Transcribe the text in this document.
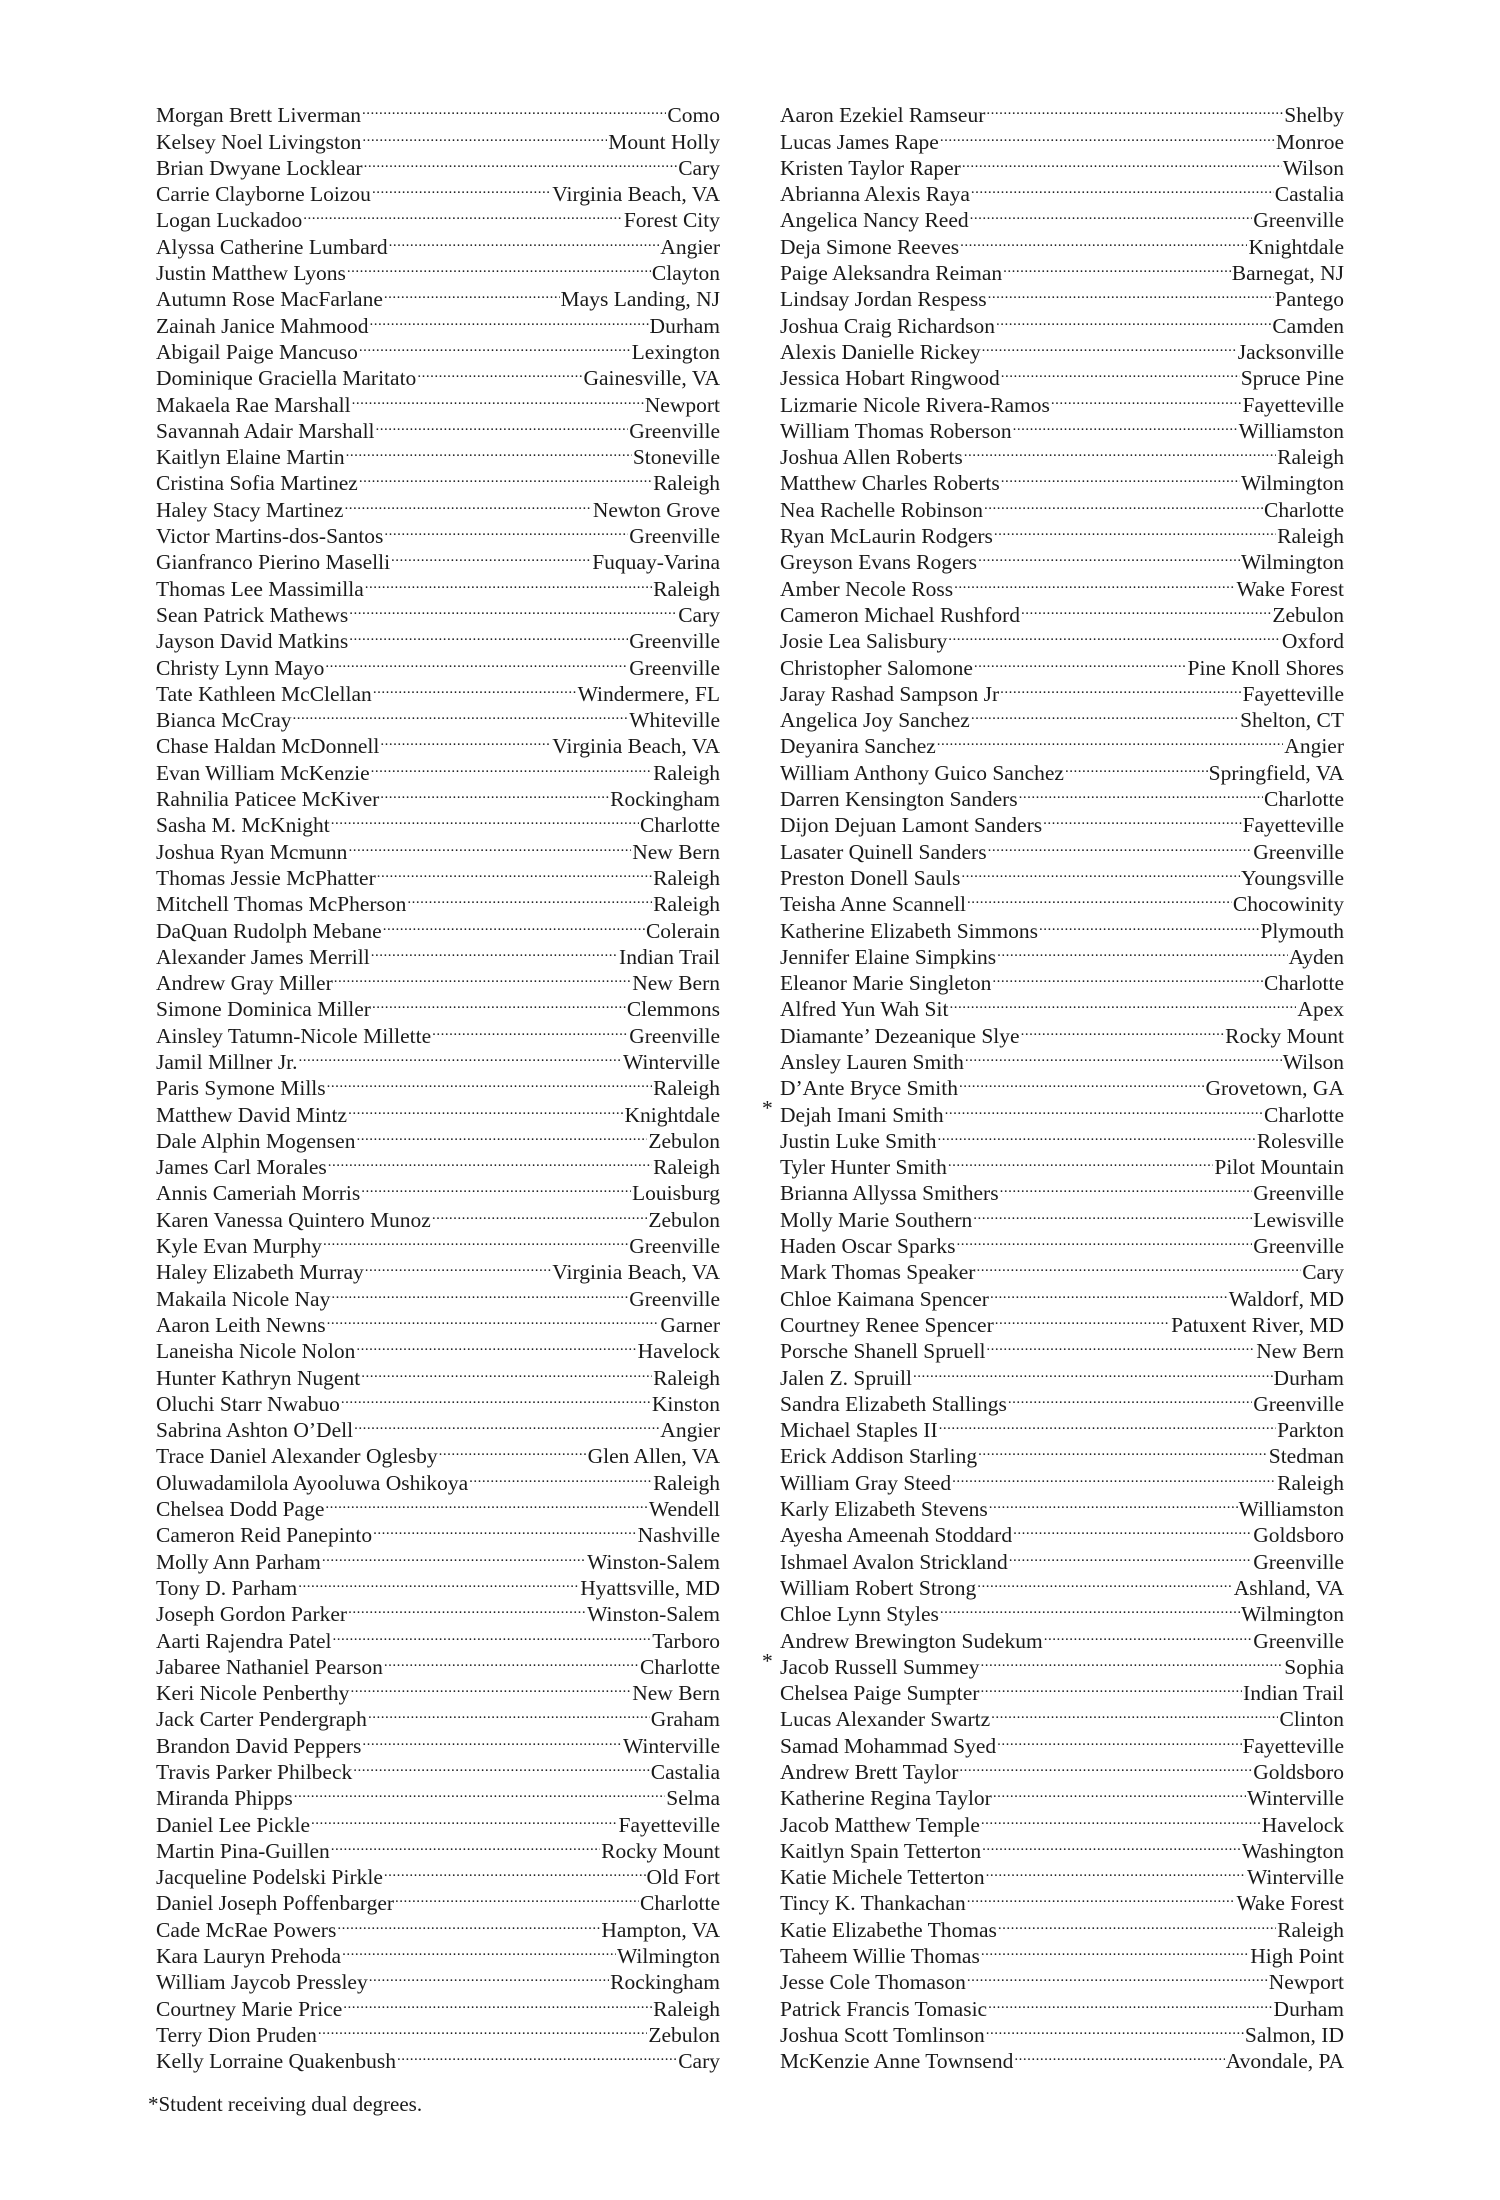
Morgan Brett Liverman .....	Como
Kelsey Noel Livingston .....	Mount Holly
Brian Dwyane Locklear .....	Cary
Carrie Clayborne Loizou .....	Virginia Beach, VA
Logan Luckadoo .....	Forest City
Alyssa Catherine Lumbard .....	Angier
Justin Matthew Lyons .....	Clayton
Autumn Rose MacFarlane .....	Mays Landing, NJ
Zainah Janice Mahmood .....	Durham
Abigail Paige Mancuso .....	Lexington
Dominique Graciella Maritato .....	Gainesville, VA
Makaela Rae Marshall .....	Newport
Savannah Adair Marshall .....	Greenville
Kaitlyn Elaine Martin .....	Stoneville
Cristina Sofia Martinez .....	Raleigh
Haley Stacy Martinez .....	Newton Grove
Victor Martins-dos-Santos .....	Greenville
Gianfranco Pierino Maselli .....	Fuquay-Varina
Thomas Lee Massimilla .....	Raleigh
Sean Patrick Mathews .....	Cary
Jayson David Matkins .....	Greenville
Christy Lynn Mayo .....	Greenville
Tate Kathleen McClellan .....	Windermere, FL
Bianca McCray .....	Whiteville
Chase Haldan McDonnell .....	Virginia Beach, VA
Evan William McKenzie .....	Raleigh
Rahnilia Paticee McKiver .....	Rockingham
Sasha M. McKnight .....	Charlotte
Joshua Ryan Mcmunn .....	New Bern
Thomas Jessie McPhatter .....	Raleigh
Mitchell Thomas McPherson .....	Raleigh
DaQuan Rudolph Mebane .....	Colerain
Alexander James Merrill .....	Indian Trail
Andrew Gray Miller .....	New Bern
Simone Dominica Miller .....	Clemmons
Ainsley Tatumn-Nicole Millette .....	Greenville
Jamil Millner Jr. .....	Winterville
Paris Symone Mills .....	Raleigh
Matthew David Mintz .....	Knightdale
Dale Alphin Mogensen .....	Zebulon
James Carl Morales .....	Raleigh
Annis Cameriah Morris .....	Louisburg
Karen Vanessa Quintero Munoz .....	Zebulon
Kyle Evan Murphy .....	Greenville
Haley Elizabeth Murray .....	Virginia Beach, VA
Makaila Nicole Nay .....	Greenville
Aaron Leith Newns .....	Garner
Laneisha Nicole Nolon .....	Havelock
Hunter Kathryn Nugent .....	Raleigh
Oluchi Starr Nwabuo .....	Kinston
Sabrina Ashton O’Dell .....	Angier
Trace Daniel Alexander Oglesby .....	Glen Allen, VA
Oluwadamilola Ayooluwa Oshikoya .....	Raleigh
Chelsea Dodd Page .....	Wendell
Cameron Reid Panepinto .....	Nashville
Molly Ann Parham .....	Winston-Salem
Tony D. Parham .....	Hyattsville, MD
Joseph Gordon Parker .....	Winston-Salem
Aarti Rajendra Patel .....	Tarboro
Jabaree Nathaniel Pearson .....	Charlotte
Keri Nicole Penberthy .....	New Bern
Jack Carter Pendergraph .....	Graham
Brandon David Peppers .....	Winterville
Travis Parker Philbeck .....	Castalia
Miranda Phipps .....	Selma
Daniel Lee Pickle .....	Fayetteville
Martin Pina-Guillen .....	Rocky Mount
Jacqueline Podelski Pirkle .....	Old Fort
Daniel Joseph Poffenbarger .....	Charlotte
Cade McRae Powers .....	Hampton, VA
Kara Lauryn Prehoda .....	Wilmington
William Jaycob Pressley .....	Rockingham
Courtney Marie Price .....	Raleigh
Terry Dion Pruden .....	Zebulon
Kelly Lorraine Quakenbush .....	Cary
Aaron Ezekiel Ramseur .....	Shelby
Lucas James Rape .....	Monroe
Kristen Taylor Raper .....	Wilson
Abrianna Alexis Raya .....	Castalia
Angelica Nancy Reed .....	Greenville
Deja Simone Reeves .....	Knightdale
Paige Aleksandra Reiman .....	Barnegat, NJ
Lindsay Jordan Respess .....	Pantego
Joshua Craig Richardson .....	Camden
Alexis Danielle Rickey .....	Jacksonville
Jessica Hobart Ringwood .....	Spruce Pine
Lizmarie Nicole Rivera-Ramos .....	Fayetteville
William Thomas Roberson .....	Williamston
Joshua Allen Roberts .....	Raleigh
Matthew Charles Roberts .....	Wilmington
Nea Rachelle Robinson .....	Charlotte
Ryan McLaurin Rodgers .....	Raleigh
Greyson Evans Rogers .....	Wilmington
Amber Necole Ross .....	Wake Forest
Cameron Michael Rushford .....	Zebulon
Josie Lea Salisbury .....	Oxford
Christopher Salomone .....	Pine Knoll Shores
Jaray Rashad Sampson Jr .....	Fayetteville
Angelica Joy Sanchez .....	Shelton, CT
Deyanira Sanchez .....	Angier
William Anthony Guico Sanchez .....	Springfield, VA
Darren Kensington Sanders .....	Charlotte
Dijon Dejuan Lamont Sanders .....	Fayetteville
Lasater Quinell Sanders .....	Greenville
Preston Donell Sauls .....	Youngsville
Teisha Anne Scannell .....	Chocowinity
Katherine Elizabeth Simmons .....	Plymouth
Jennifer Elaine Simpkins .....	Ayden
Eleanor Marie Singleton .....	Charlotte
Alfred Yun Wah Sit .....	Apex
Diamante’ Dezeanique Slye .....	Rocky Mount
Ansley Lauren Smith .....	Wilson
D’Ante Bryce Smith .....	Grovetown, GA
* Dejah Imani Smith .....	Charlotte
Justin Luke Smith .....	Rolesville
Tyler Hunter Smith .....	Pilot Mountain
Brianna Allyssa Smithers .....	Greenville
Molly Marie Southern .....	Lewisville
Haden Oscar Sparks .....	Greenville
Mark Thomas Speaker .....	Cary
Chloe Kaimana Spencer .....	Waldorf, MD
Courtney Renee Spencer .....	Patuxent River, MD
Porsche Shanell Spruell .....	New Bern
Jalen Z. Spruill .....	Durham
Sandra Elizabeth Stallings .....	Greenville
Michael Staples II .....	Parkton
Erick Addison Starling .....	Stedman
William Gray Steed .....	Raleigh
Karly Elizabeth Stevens .....	Williamston
Ayesha Ameenah Stoddard .....	Goldsboro
Ishmael Avalon Strickland .....	Greenville
William Robert Strong .....	Ashland, VA
Chloe Lynn Styles .....	Wilmington
Andrew Brewington Sudekum .....	Greenville
* Jacob Russell Summey .....	Sophia
Chelsea Paige Sumpter .....	Indian Trail
Lucas Alexander Swartz .....	Clinton
Samad Mohammad Syed .....	Fayetteville
Andrew Brett Taylor .....	Goldsboro
Katherine Regina Taylor .....	Winterville
Jacob Matthew Temple .....	Havelock
Kaitlyn Spain Tetterton .....	Washington
Katie Michele Tetterton .....	Winterville
Tincy K. Thankachan .....	Wake Forest
Katie Elizabethe Thomas .....	Raleigh
Taheem Willie Thomas .....	High Point
Jesse Cole Thomason .....	Newport
Patrick Francis Tomasic .....	Durham
Joshua Scott Tomlinson .....	Salmon, ID
McKenzie Anne Townsend .....	Avondale, PA
*Student receiving dual degrees.
